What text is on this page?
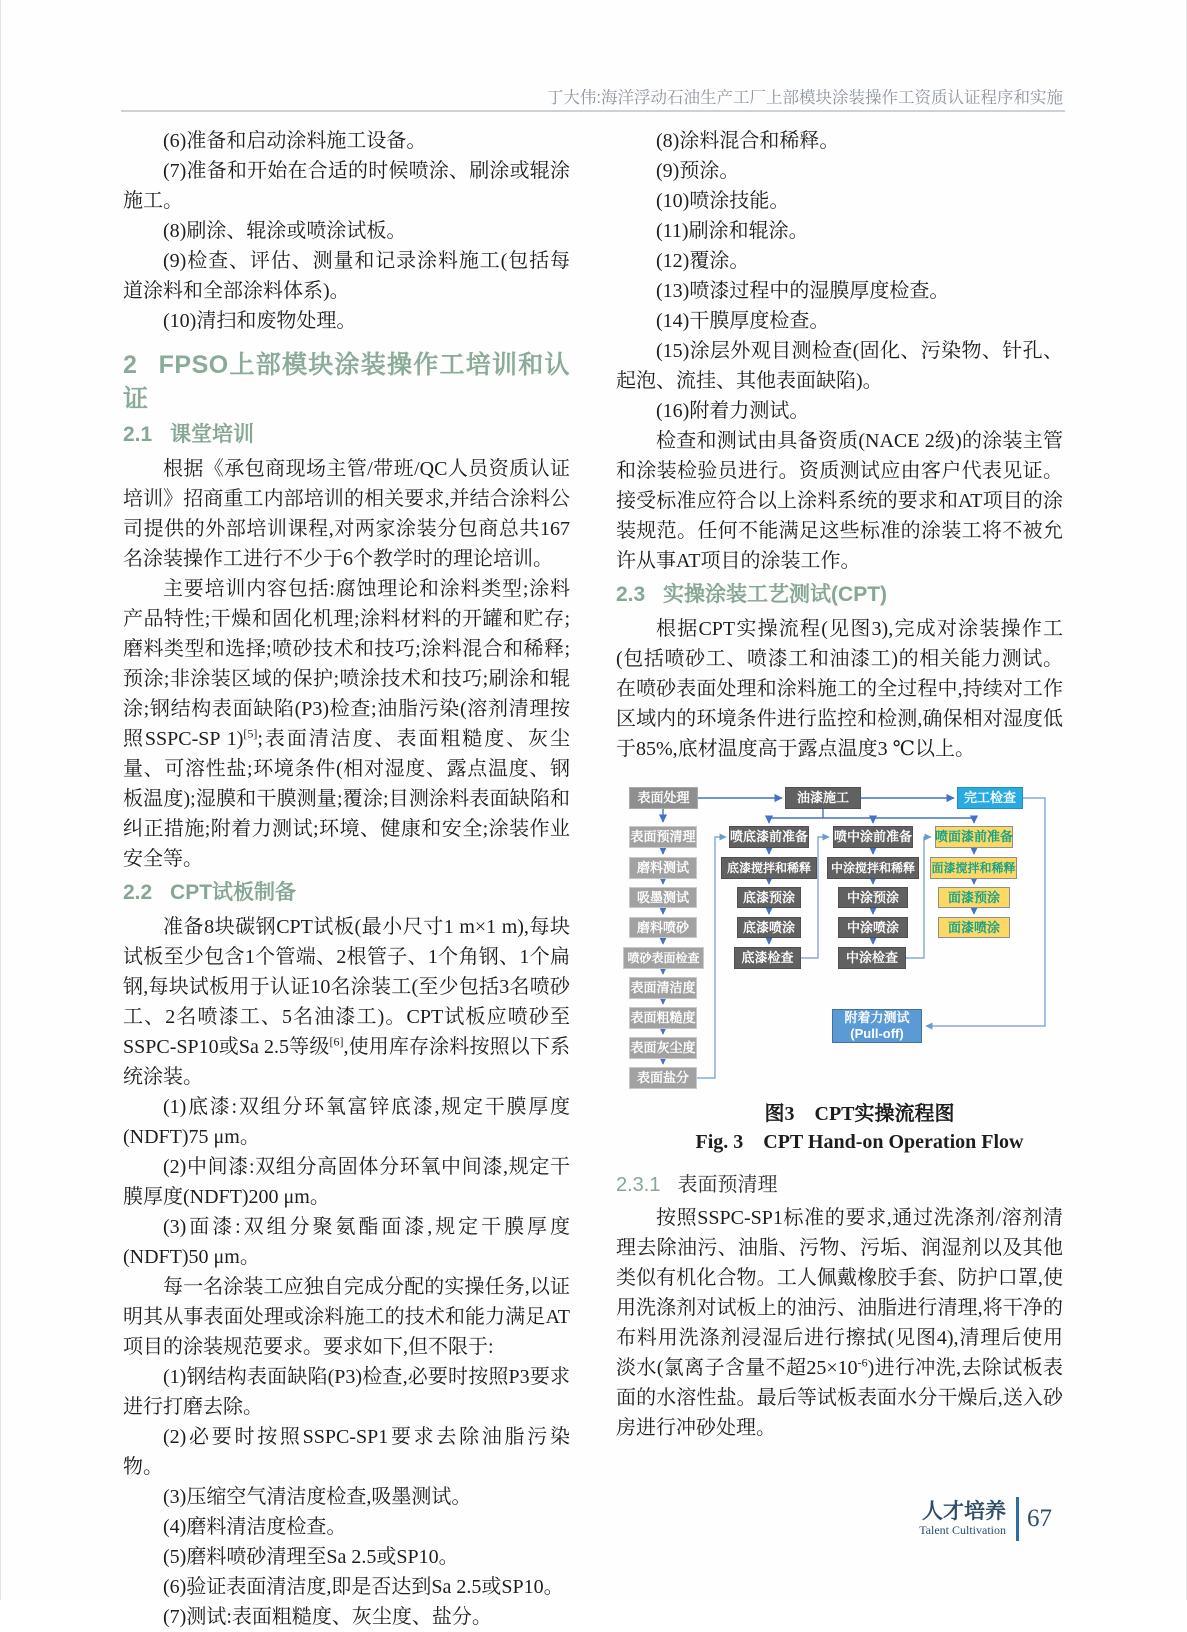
丁大伟:海洋浮动石油生产工厂上部模块涂装操作工资质认证程序和实施

(6)准备和启动涂料施工设备。

(7)准备和开始在合适的时候喷涂、刷涂或辊涂施工。

(8)刷涂、辊涂或喷涂试板。

(9)检查、评估、测量和记录涂料施工(包括每道涂料和全部涂料体系)。

(10)清扫和废物处理。

2 FPSO上部模块涂装操作工培训和认证
2.1 课堂培训

根据《承包商现场主管/带班/QC人员资质认证培训》招商重工内部培训的相关要求,并结合涂料公司提供的外部培训课程,对两家涂装分包商总共167名涂装操作工进行不少于6个教学时的理论培训。

主要培训内容包括:腐蚀理论和涂料类型;涂料产品特性;干燥和固化机理;涂料材料的开罐和贮存;磨料类型和选择;喷砂技术和技巧;涂料混合和稀释;预涂;非涂装区域的保护;喷涂技术和技巧;刷涂和辊涂;钢结构表面缺陷(P3)检查;油脂污染(溶剂清理按照SSPC-SP 1)[5];表面清洁度、表面粗糙度、灰尘量、可溶性盐;环境条件(相对湿度、露点温度、钢板温度);湿膜和干膜测量;覆涂;目测涂料表面缺陷和纠正措施;附着力测试;环境、健康和安全;涂装作业安全等。

2.2 CPT试板制备

准备8块碳钢CPT试板(最小尺寸1 m×1 m),每块试板至少包含1个管端、2根管子、1个角钢、1个扁钢,每块试板用于认证10名涂装工(至少包括3名喷砂工、2名喷漆工、5名油漆工)。CPT试板应喷砂至SSPC-SP10或Sa 2.5等级[6],使用库存涂料按照以下系统涂装。

(1)底漆:双组分环氧富锌底漆,规定干膜厚度(NDFT)75 μm。

(2)中间漆:双组分高固体分环氧中间漆,规定干膜厚度(NDFT)200 μm。

(3)面漆:双组分聚氨酯面漆,规定干膜厚度(NDFT)50 μm。

每一名涂装工应独自完成分配的实操任务,以证明其从事表面处理或涂料施工的技术和能力满足AT项目的涂装规范要求。要求如下,但不限于:

(1)钢结构表面缺陷(P3)检查,必要时按照P3要求进行打磨去除。

(2)必要时按照SSPC-SP1要求去除油脂污染物。

(3)压缩空气清洁度检查,吸墨测试。

(4)磨料清洁度检查。

(5)磨料喷砂清理至Sa 2.5或SP10。

(6)验证表面清洁度,即是否达到Sa 2.5或SP10。

(7)测试:表面粗糙度、灰尘度、盐分。

(8)涂料混合和稀释。

(9)预涂。

(10)喷涂技能。

(11)刷涂和辊涂。

(12)覆涂。

(13)喷漆过程中的湿膜厚度检查。

(14)干膜厚度检查。

(15)涂层外观目测检查(固化、污染物、针孔、起泡、流挂、其他表面缺陷)。

(16)附着力测试。

检查和测试由具备资质(NACE 2级)的涂装主管和涂装检验员进行。资质测试应由客户代表见证。接受标准应符合以上涂料系统的要求和AT项目的涂装规范。任何不能满足这些标准的涂装工将不被允许从事AT项目的涂装工作。

2.3 实操涂装工艺测试(CPT)

根据CPT实操流程(见图3),完成对涂装操作工(包括喷砂工、喷漆工和油漆工)的相关能力测试。在喷砂表面处理和涂料施工的全过程中,持续对工作区域内的环境条件进行监控和检测,确保相对湿度低于85%,底材温度高于露点温度3 ℃以上。

表面处理	油漆施工	完工检查
表面预清理
磨料测试
吸墨测试
磨料喷砂
喷砂表面检查
表面清洁度
表面粗糙度
表面灰尘度
表面盐分
喷底漆前准备
底漆搅拌和稀释
底漆预涂
底漆喷涂
底漆检查
喷中涂前准备
中涂搅拌和稀释
中涂预涂
中涂喷涂
中涂检查
喷面漆前准备
面漆搅拌和稀释
面漆预涂
面漆喷涂
附着力测试
(Pull-off)

图3　CPT实操流程图

Fig. 3　CPT Hand-on Operation Flow

2.3.1 表面预清理

按照SSPC-SP1标准的要求,通过洗涤剂/溶剂清理去除油污、油脂、污物、污垢、润湿剂以及其他类似有机化合物。工人佩戴橡胶手套、防护口罩,使用洗涤剂对试板上的油污、油脂进行清理,将干净的布料用洗涤剂浸湿后进行擦拭(见图4),清理后使用淡水(氯离子含量不超$25\times 10^{-6}$)进行冲洗,去除试板表面的水溶性盐。最后等试板表面水分干燥后,送入砂房进行冲砂处理。

人才培养
Talent Cultivation 67
